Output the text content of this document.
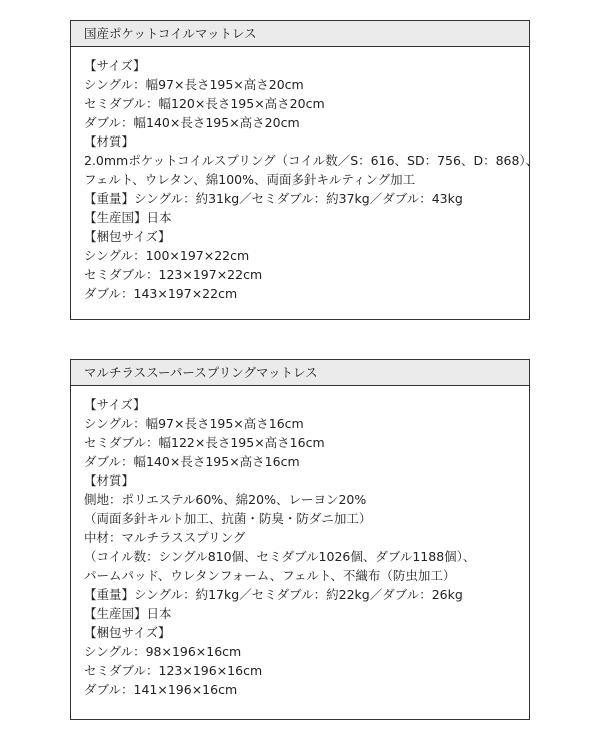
国産ポケットコイルマットレス
【サイズ】
シングル：幅97×長さ195×高さ20cm
セミダブル：幅120×長さ195×高さ20cm
ダブル：幅140×長さ195×高さ20cm
【材質】
2.0mmポケットコイルスプリング（コイル数／S：616、SD：756、D：868）、
フェルト、ウレタン、綿100%、両面多針キルティング加工
【重量】シングル：約31kg／セミダブル：約37kg／ダブル：43kg
【生産国】日本
【梱包サイズ】
シングル：100×197×22cm
セミダブル：123×197×22cm
ダブル：143×197×22cm
マルチラススーパースプリングマットレス
【サイズ】
シングル：幅97×長さ195×高さ16cm
セミダブル：幅122×長さ195×高さ16cm
ダブル：幅140×長さ195×高さ16cm
【材質】
側地：ポリエステル60%、綿20%、レーヨン20%
（両面多針キルト加工、抗菌・防臭・防ダニ加工）
中材：マルチラススプリング
（コイル数：シングル810個、セミダブル1026個、ダブル1188個）、
パームパッド、ウレタンフォーム、フェルト、不織布（防虫加工）
【重量】シングル：約17kg／セミダブル：約22kg／ダブル：26kg
【生産国】日本
【梱包サイズ】
シングル：98×196×16cm
セミダブル：123×196×16cm
ダブル：141×196×16cm
